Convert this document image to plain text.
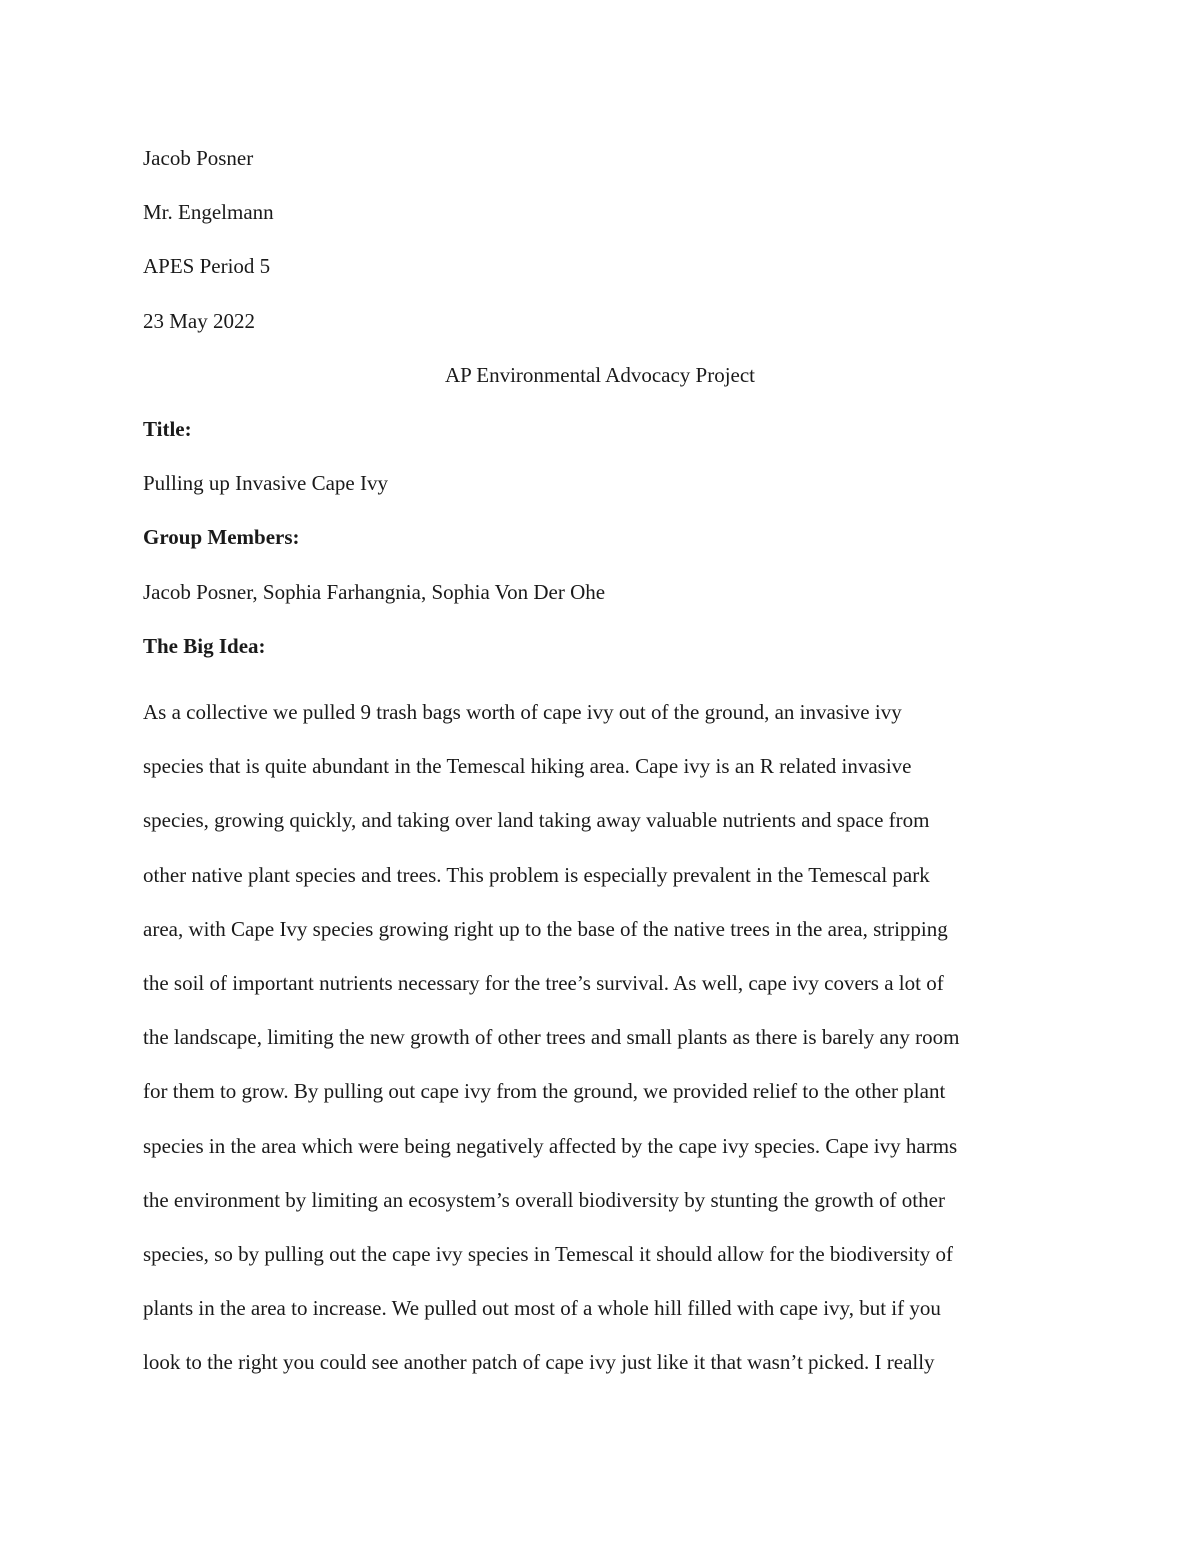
Jacob Posner
Mr. Engelmann
APES Period 5
23 May 2022
AP Environmental Advocacy Project
Title:
Pulling up Invasive Cape Ivy
Group Members:
Jacob Posner, Sophia Farhangnia, Sophia Von Der Ohe
The Big Idea:
As a collective we pulled 9 trash bags worth of cape ivy out of the ground, an invasive ivy
species that is quite abundant in the Temescal hiking area. Cape ivy is an R related invasive
species, growing quickly, and taking over land taking away valuable nutrients and space from
other native plant species and trees. This problem is especially prevalent in the Temescal park
area, with Cape Ivy species growing right up to the base of the native trees in the area, stripping
the soil of important nutrients necessary for the tree’s survival. As well, cape ivy covers a lot of
the landscape, limiting the new growth of other trees and small plants as there is barely any room
for them to grow. By pulling out cape ivy from the ground, we provided relief to the other plant
species in the area which were being negatively affected by the cape ivy species. Cape ivy harms
the environment by limiting an ecosystem’s overall biodiversity by stunting the growth of other
species, so by pulling out the cape ivy species in Temescal it should allow for the biodiversity of
plants in the area to increase. We pulled out most of a whole hill filled with cape ivy, but if you
look to the right you could see another patch of cape ivy just like it that wasn’t picked. I really
